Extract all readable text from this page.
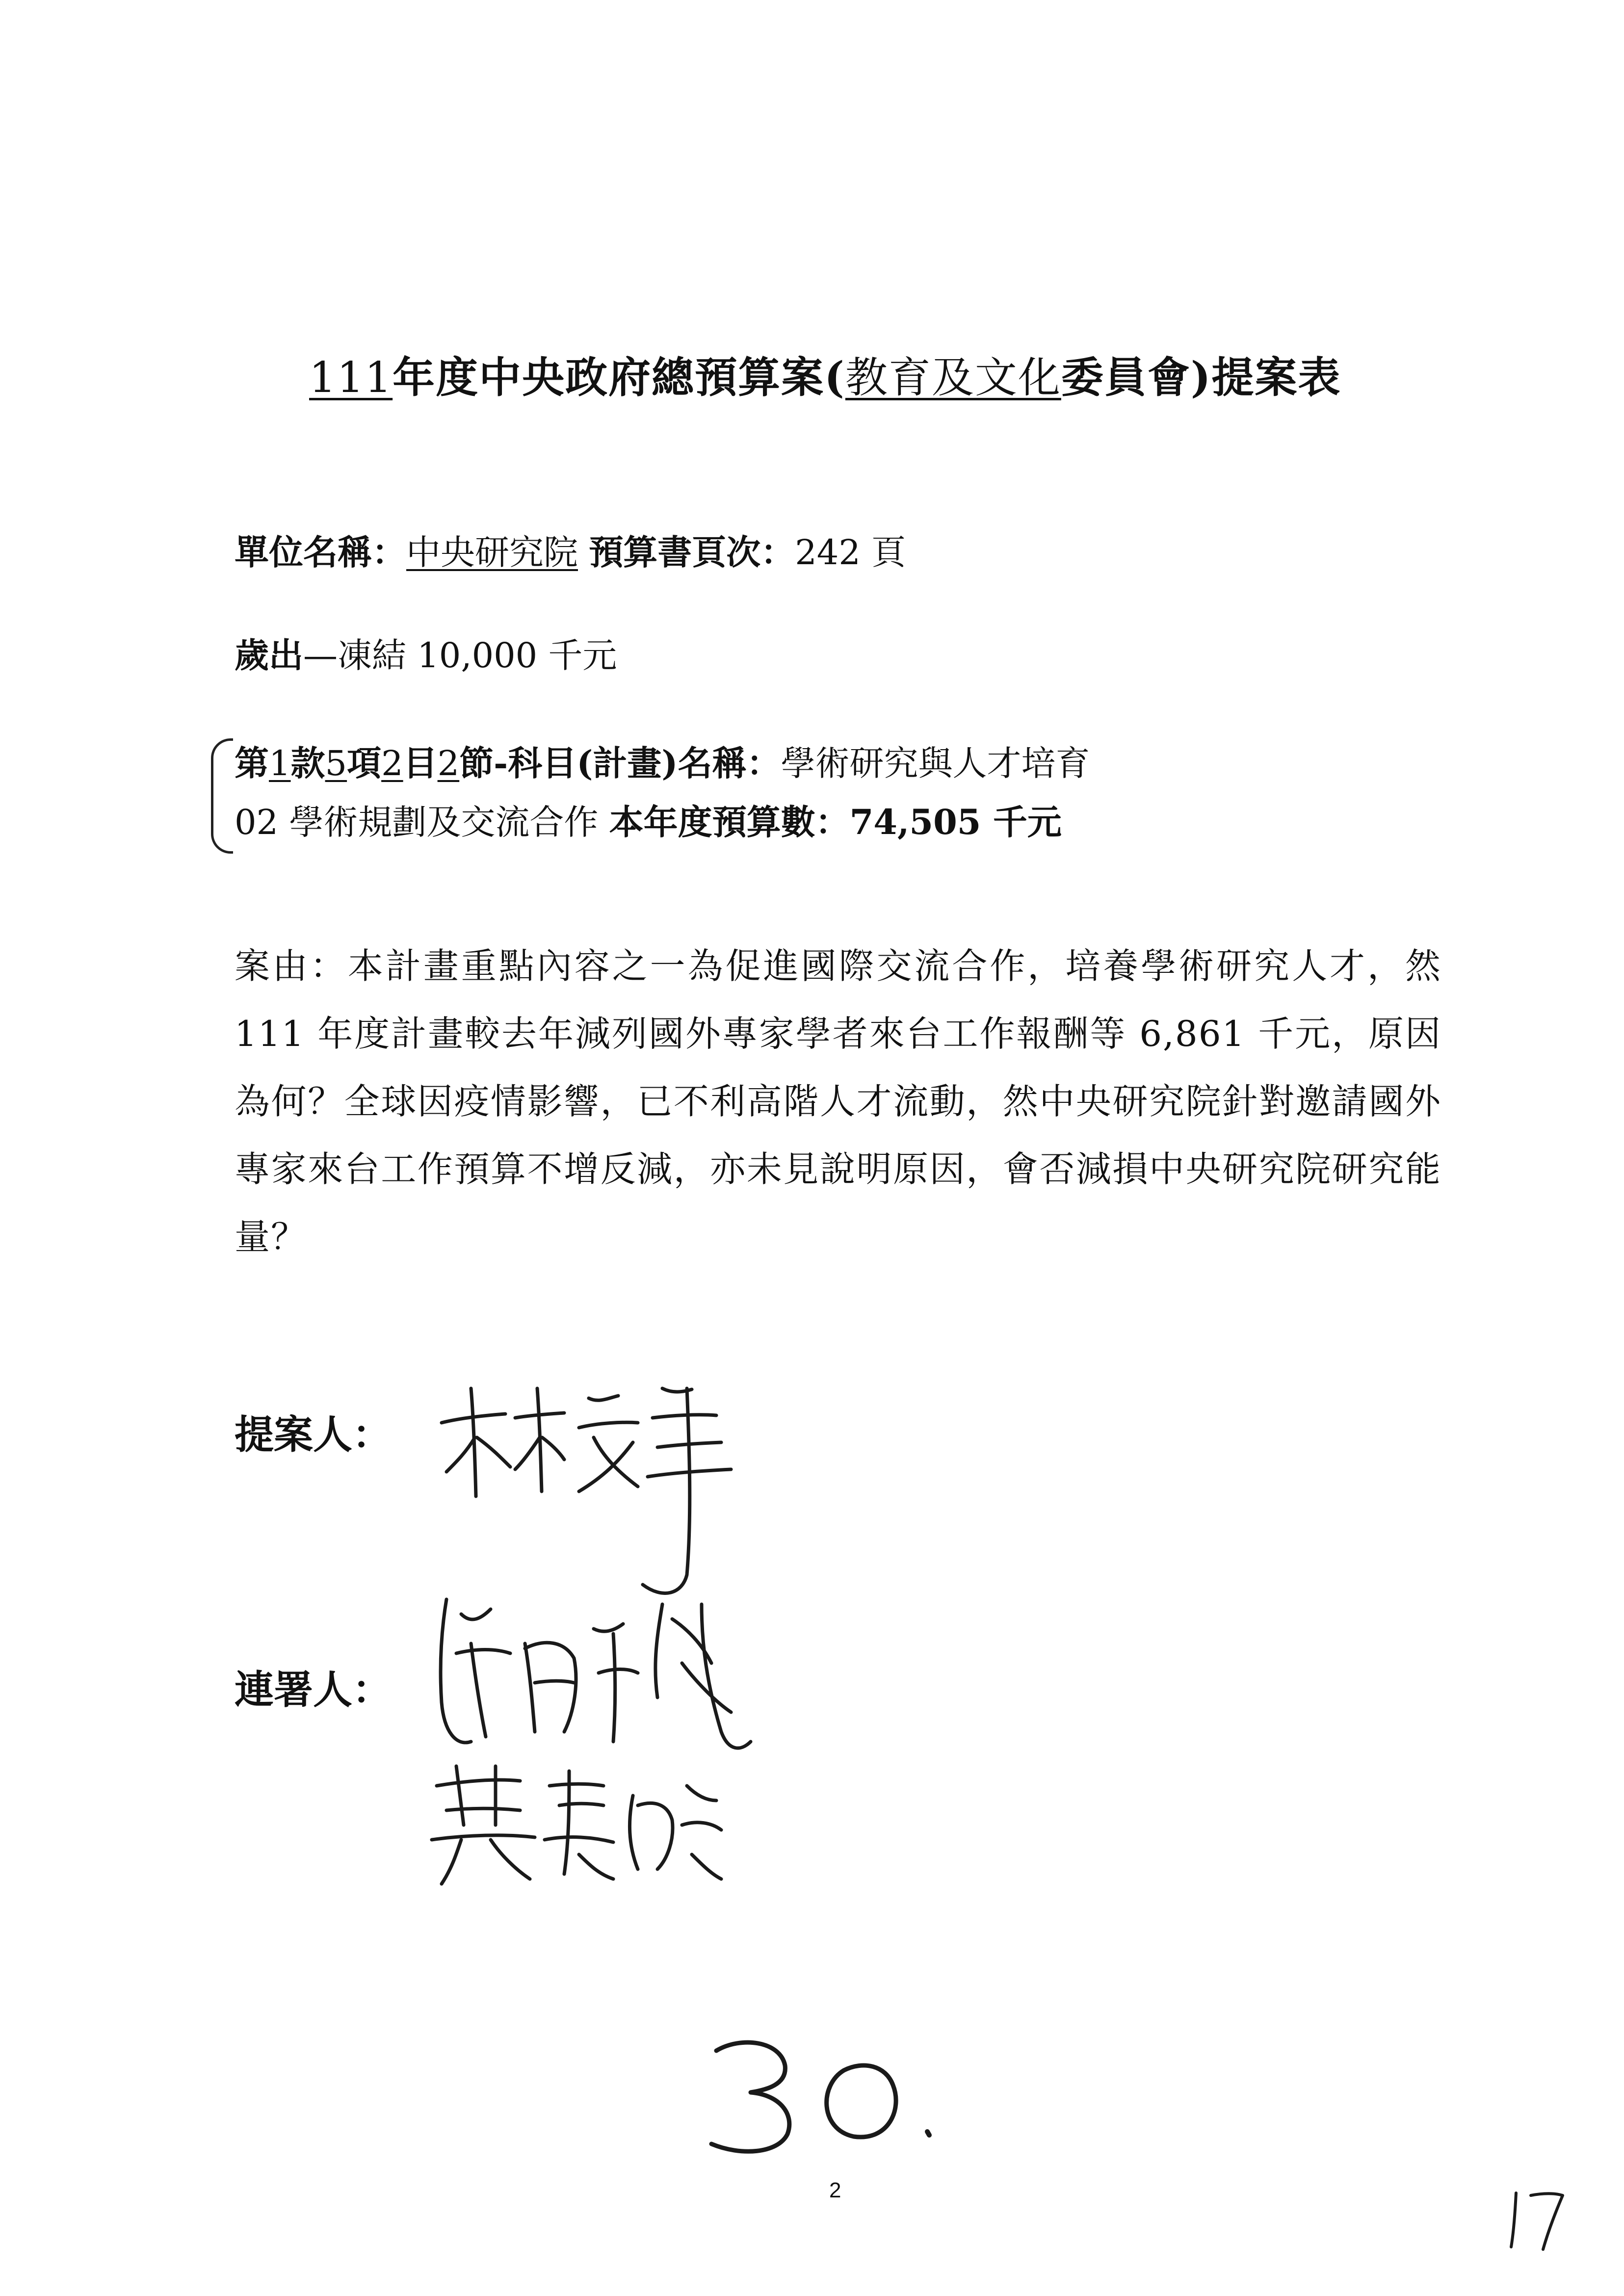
111年度中央政府總預算案(教育及文化委員會)提案表
單位名稱：中央研究院 預算書頁次：242 頁
歲出—凍結 10,000 千元
第1款5項2目2節-科目(計畫)名稱：學術研究與人才培育
02 學術規劃及交流合作 本年度預算數：74,505 千元
案由：本計畫重點內容之一為促進國際交流合作，培養學術研究人才，然 111 年度計畫較去年減列國外專家學者來台工作報酬等 6,861 千元，原因為何？全球因疫情影響，已不利高階人才流動，然中央研究院針對邀請國外專家來台工作預算不增反減，亦未見說明原因，會否減損中央研究院研究能量？
提案人：
連署人：
2
